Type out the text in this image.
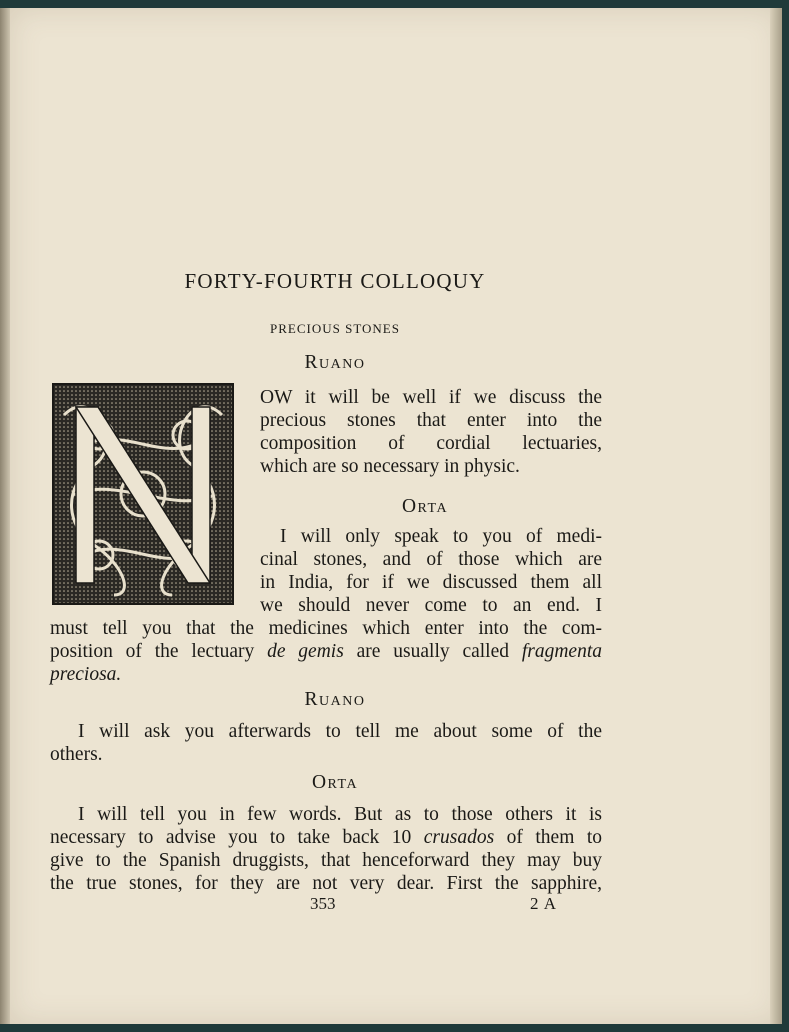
FORTY-FOURTH COLLOQUY
PRECIOUS STONES
Ruano
OW it will be well if we discuss the
precious stones that enter into the
composition of cordial lectuaries,
which are so necessary in physic.
Orta
I will only speak to you of medi-
cinal stones, and of those which are
in India, for if we discussed them all
we should never come to an end. I
must tell you that the medicines which enter into the com-
position of the lectuary de gemis are usually called fragmenta
preciosa.
Ruano
I will ask you afterwards to tell me about some of the
others.
Orta
I will tell you in few words. But as to those others it is
necessary to advise you to take back 10 crusados of them to
give to the Spanish druggists, that henceforward they may buy
the true stones, for they are not very dear. First the sapphire,
353	2 A
